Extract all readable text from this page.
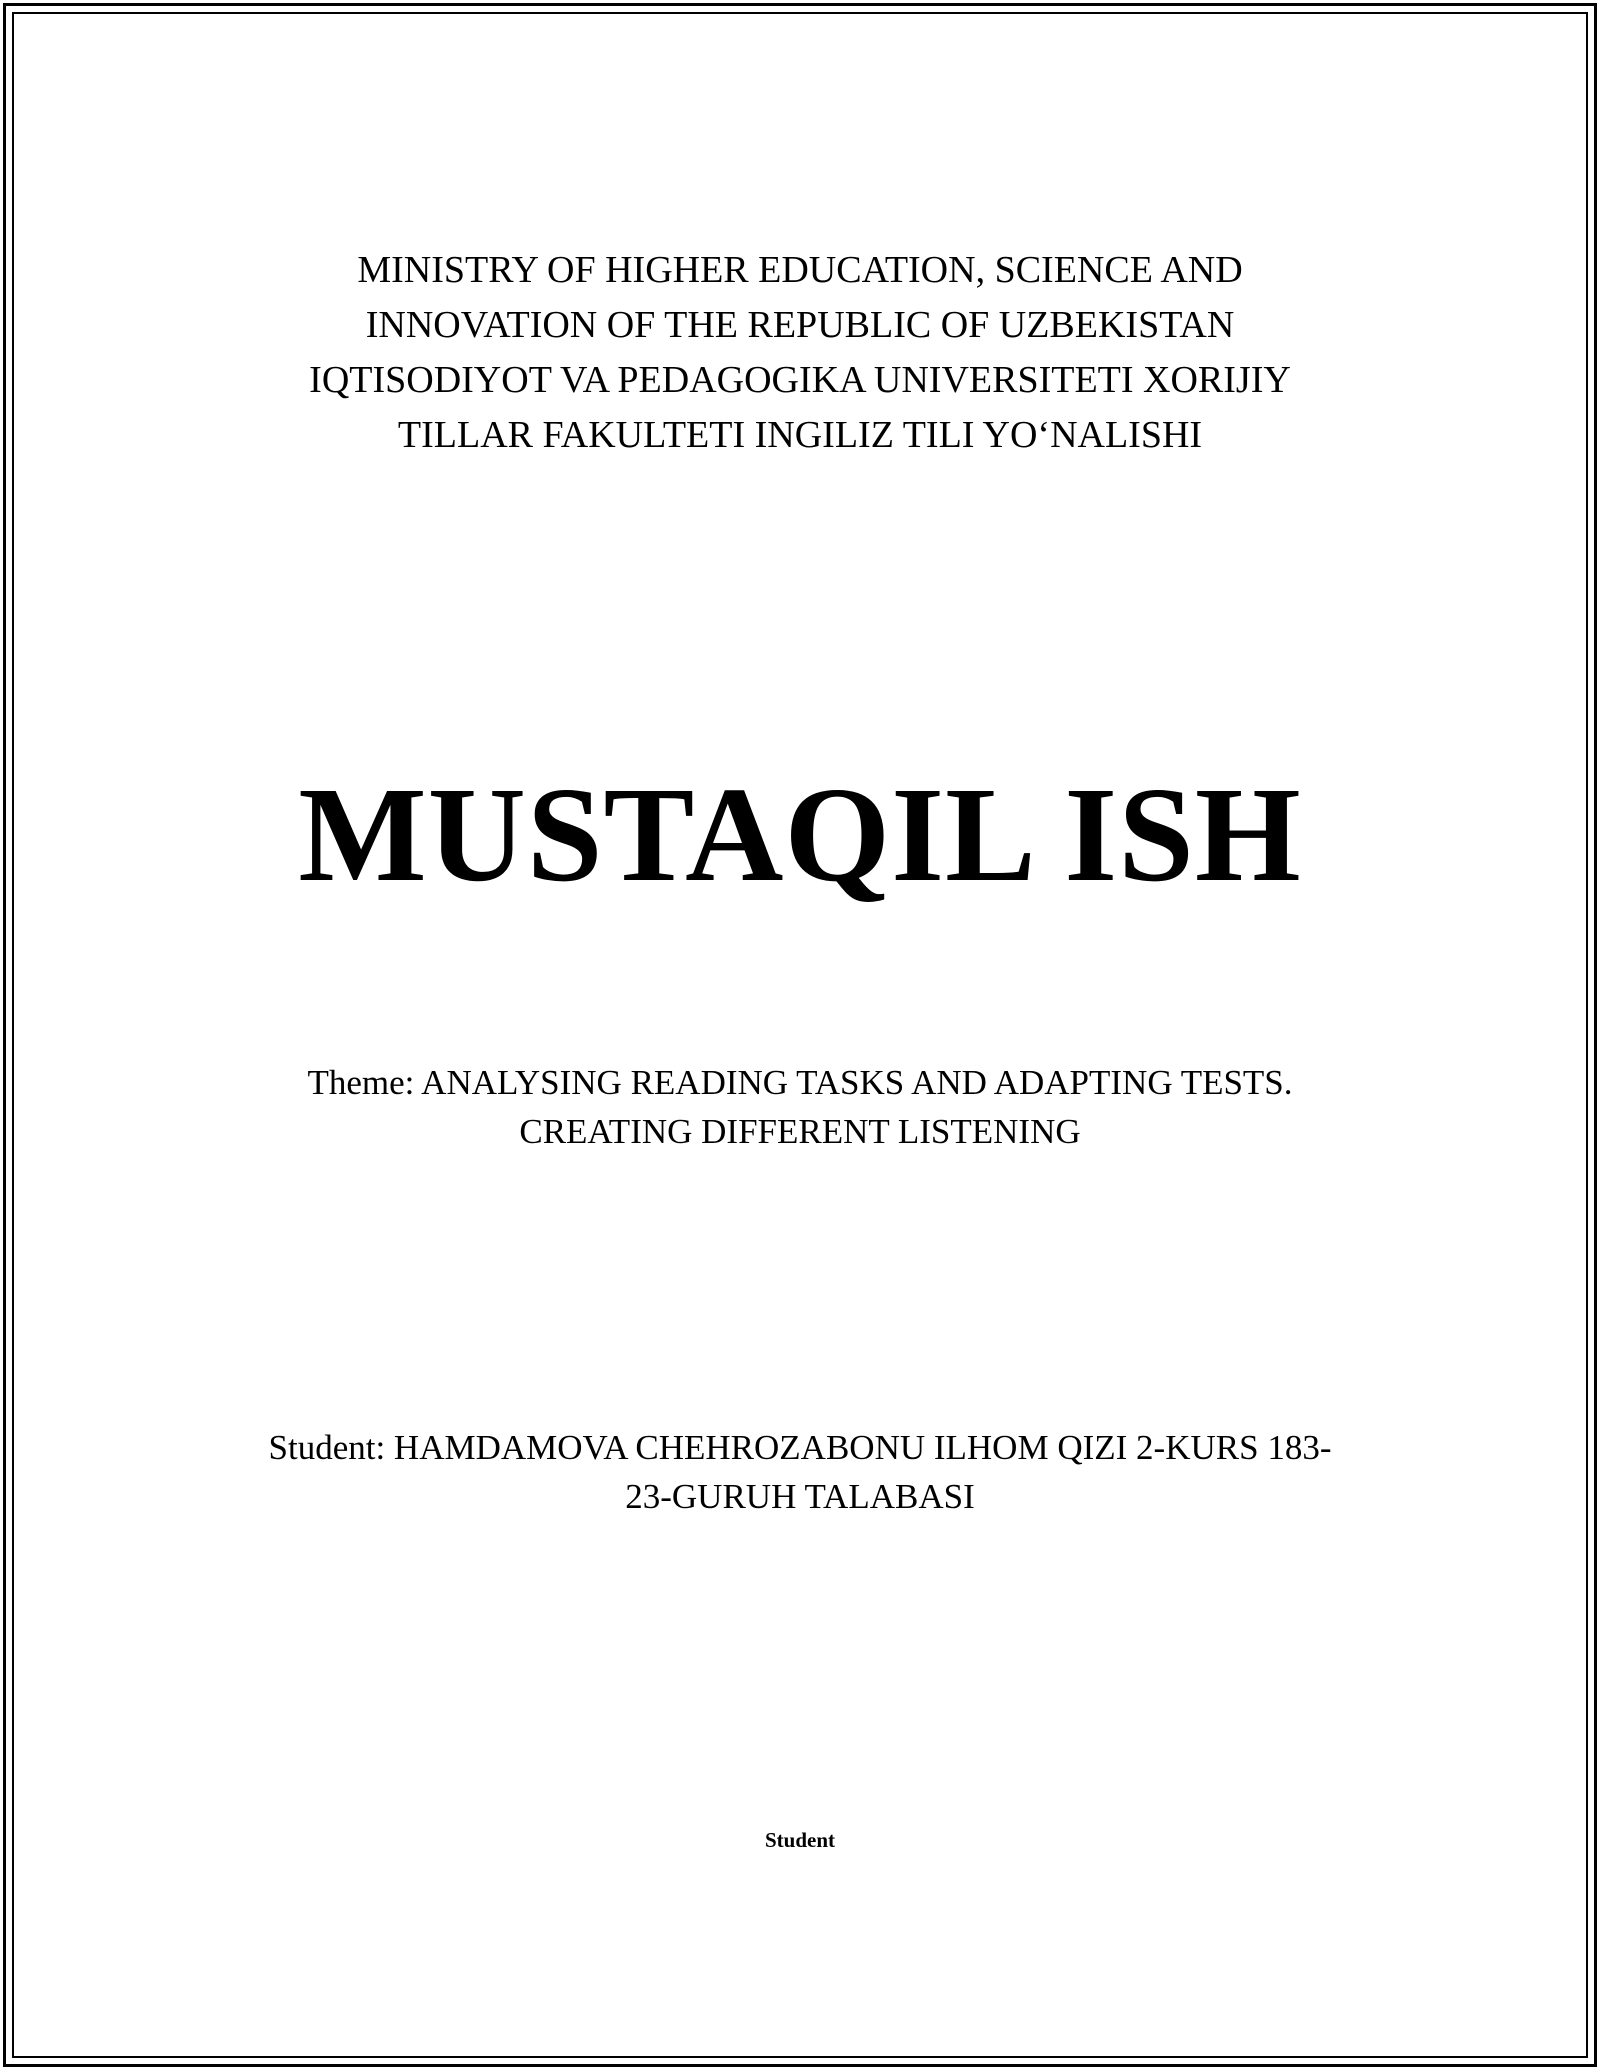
MINISTRY OF HIGHER EDUCATION, SCIENCE AND
INNOVATION OF THE REPUBLIC OF UZBEKISTAN
IQTISODIYOT VA PEDAGOGIKA UNIVERSITETI XORIJIY
TILLAR FAKULTETI INGILIZ TILI YO‘NALISHI
MUSTAQIL ISH
Theme: ANALYSING READING TASKS AND ADAPTING TESTS.
CREATING DIFFERENT LISTENING
Student: HAMDAMOVA CHEHROZABONU ILHOM QIZI 2-KURS 183-
23-GURUH TALABASI
Student
